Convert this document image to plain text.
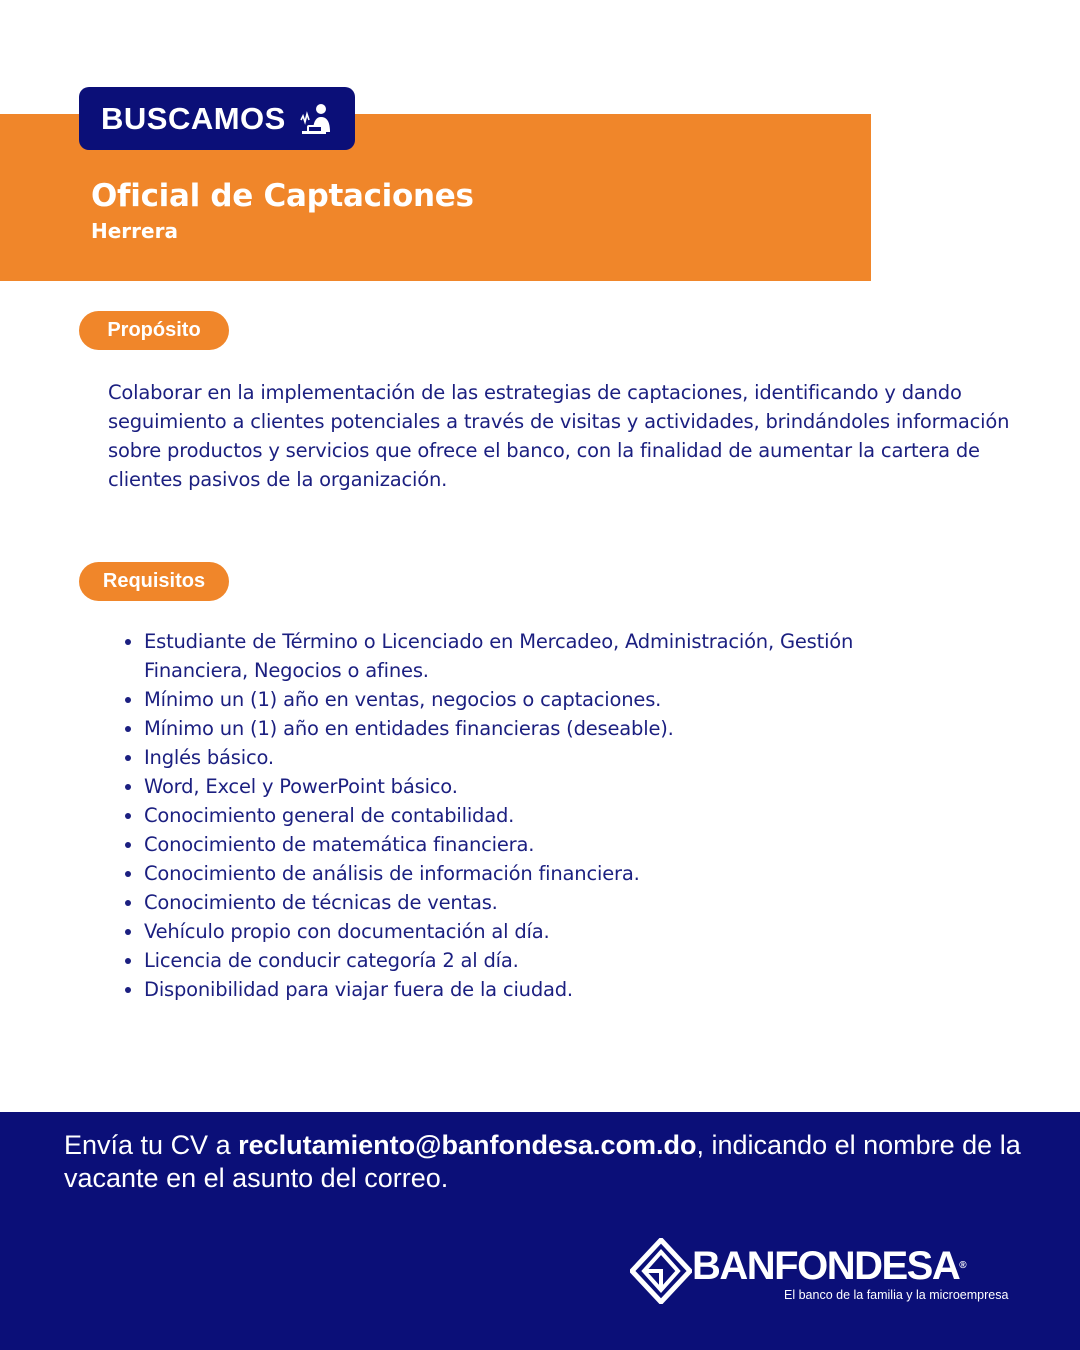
BUSCAMOS
Oficial de Captaciones
Herrera
Propósito
Colaborar en la implementación de las estrategias de captaciones, identificando y dando seguimiento a clientes potenciales a través de visitas y actividades, brindándoles información sobre productos y servicios que ofrece el banco, con la finalidad de aumentar la cartera de clientes pasivos de la organización.
Requisitos
• Estudiante de Término o Licenciado en Mercadeo, Administración, Gestión Financiera, Negocios o afines.
• Mínimo un (1) año en ventas, negocios o captaciones.
• Mínimo un (1) año en entidades financieras (deseable).
• Inglés básico.
• Word, Excel y PowerPoint básico.
• Conocimiento general de contabilidad.
• Conocimiento de matemática financiera.
• Conocimiento de análisis de información financiera.
• Conocimiento de técnicas de ventas.
• Vehículo propio con documentación al día.
• Licencia de conducir categoría 2 al día.
• Disponibilidad para viajar fuera de la ciudad.
Envía tu CV a reclutamiento@banfondesa.com.do, indicando el nombre de la vacante en el asunto del correo.
BANFONDESA®
El banco de la familia y la microempresa
